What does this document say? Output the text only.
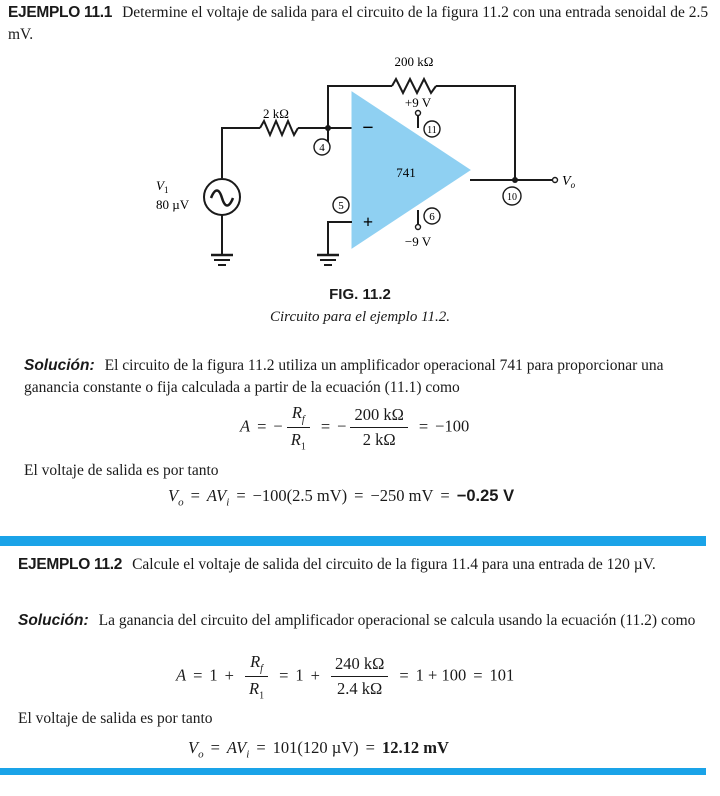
EJEMPLO 11.1 Determine el voltaje de salida para el circuito de la figura 11.2 con una entrada senoidal de 2.5 mV.

200 kΩ
2 kΩ
$V_1$
80 µV
−
+
741
4
5
+9 V
11
−9 V
6
$V_o$
10
FIG. 11.2
Circuito para el ejemplo 11.2.

Solución: El circuito de la figura 11.2 utiliza un amplificador operacional 741 para proporcionar una ganancia constante o fija calculada a partir de la ecuación (11.1) como

A = − $\frac{R_f}{R_1}$ = − $\frac{200 k\Omega}{2 k\Omega} = -100$

El voltaje de salida es por tanto

$V_o = AV_i = -100(2.5$ mV) = −250 mV = −0.25 V

EJEMPLO 11.2 Calcule el voltaje de salida del circuito de la figura 11.4 para una entrada de 120 µV.

Solución: La ganancia del circuito del amplificador operacional se calcula usando la ecuación (11.2) como

$A = 1 + \frac{R_f}{R_1} = 1 + \frac{240 k\Omega}{2.4 k\Omega} = 1 + 100 = 101$

El voltaje de salida es por tanto

$V_o = AV_i = 101(120$ µV) = 12.12 mV
